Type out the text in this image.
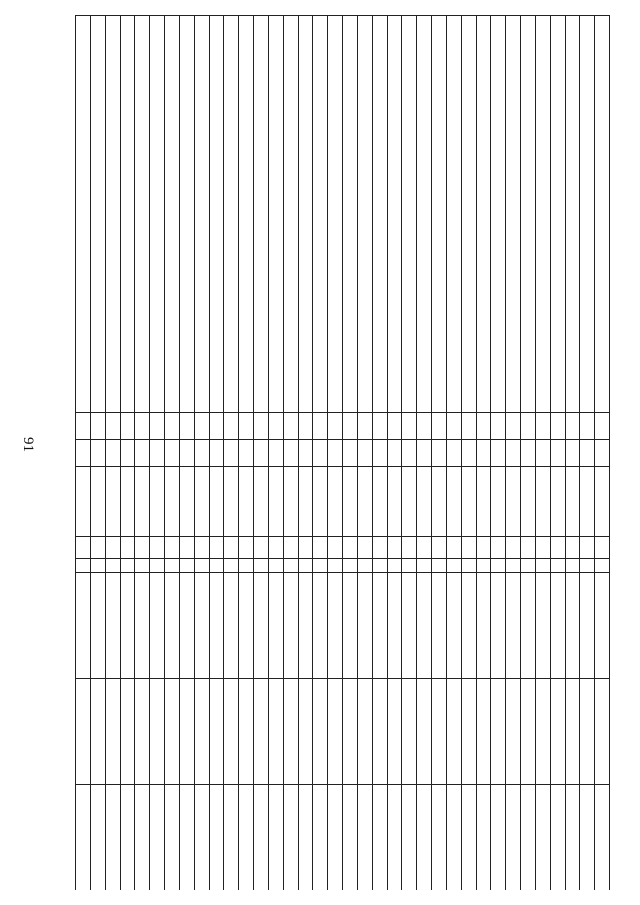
91
